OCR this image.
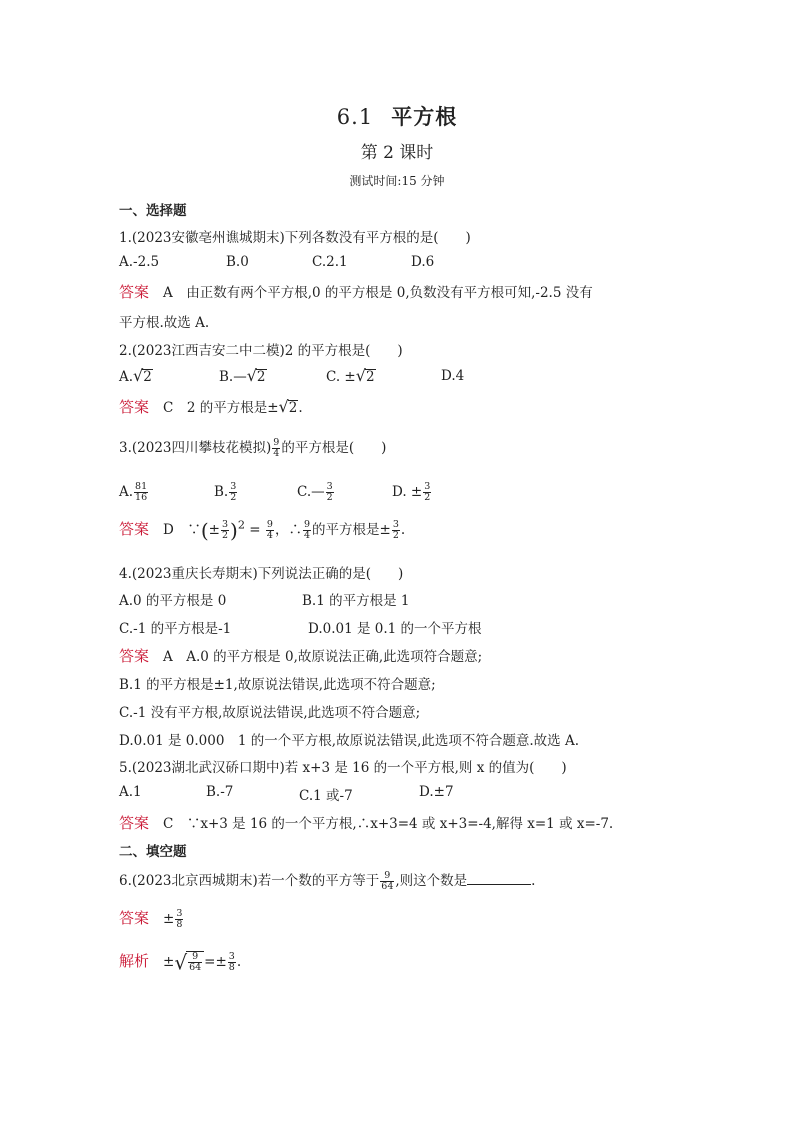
6.1 平方根
第 2 课时
测试时间:15 分钟
一、选择题
1.(2023安徽亳州谯城期末)下列各数没有平方根的是(　　)
A.-2.5	B.0	C.2.1	D.6
答案 A　由正数有两个平方根,0 的平方根是 0,负数没有平方根可知,-2.5 没有
平方根.故选 A.
2.(2023江西吉安二中二模)2 的平方根是(　　)
A.√2	B.—√2	C. ±√2	D.4
答案 C　2 的平方根是±√2.
3.(2023四川攀枝花模拟) $\frac{9}{4}$ 的平方根是(　　)
A. $\frac{81}{16}$	B. $\frac{3}{2}$	C.— $\frac{3}{2}$	D. ± $\frac{3}{2}$
答案 D　∵(± $\frac{3}{2} )^2 = \frac{9}{4}$ ，∴ $\frac{9}{4}$ 的平方根是± $\frac{3}{2}$ .
4.(2023重庆长寿期末)下列说法正确的是(　　)
A.0 的平方根是 0	B.1 的平方根是 1
C.-1 的平方根是-1	D.0.01 是 0.1 的一个平方根
答案 A　A.0 的平方根是 0,故原说法正确,此选项符合题意;
B.1 的平方根是±1,故原说法错误,此选项不符合题意;
C.-1 没有平方根,故原说法错误,此选项不符合题意;
D.0.01 是 0.000　1 的一个平方根,故原说法错误,此选项不符合题意.故选 A.
5.(2023湖北武汉硚口期中)若 x+3 是 16 的一个平方根,则 x 的值为(　　)
A.1	B.-7	C.1 或-7	D.±7
答案 C　∵x+3 是 16 的一个平方根,∴x+3=4 或 x+3=-4,解得 x=1 或 x=-7.
二、填空题
6.(2023北京西城期末)若一个数的平方等于 $\frac{9}{64}$ ,则这个数是	.
答案 ± $\frac{3}{8}$
解析 ±√ $\frac{9}{64} =\pm \frac{3}{8}$ .
